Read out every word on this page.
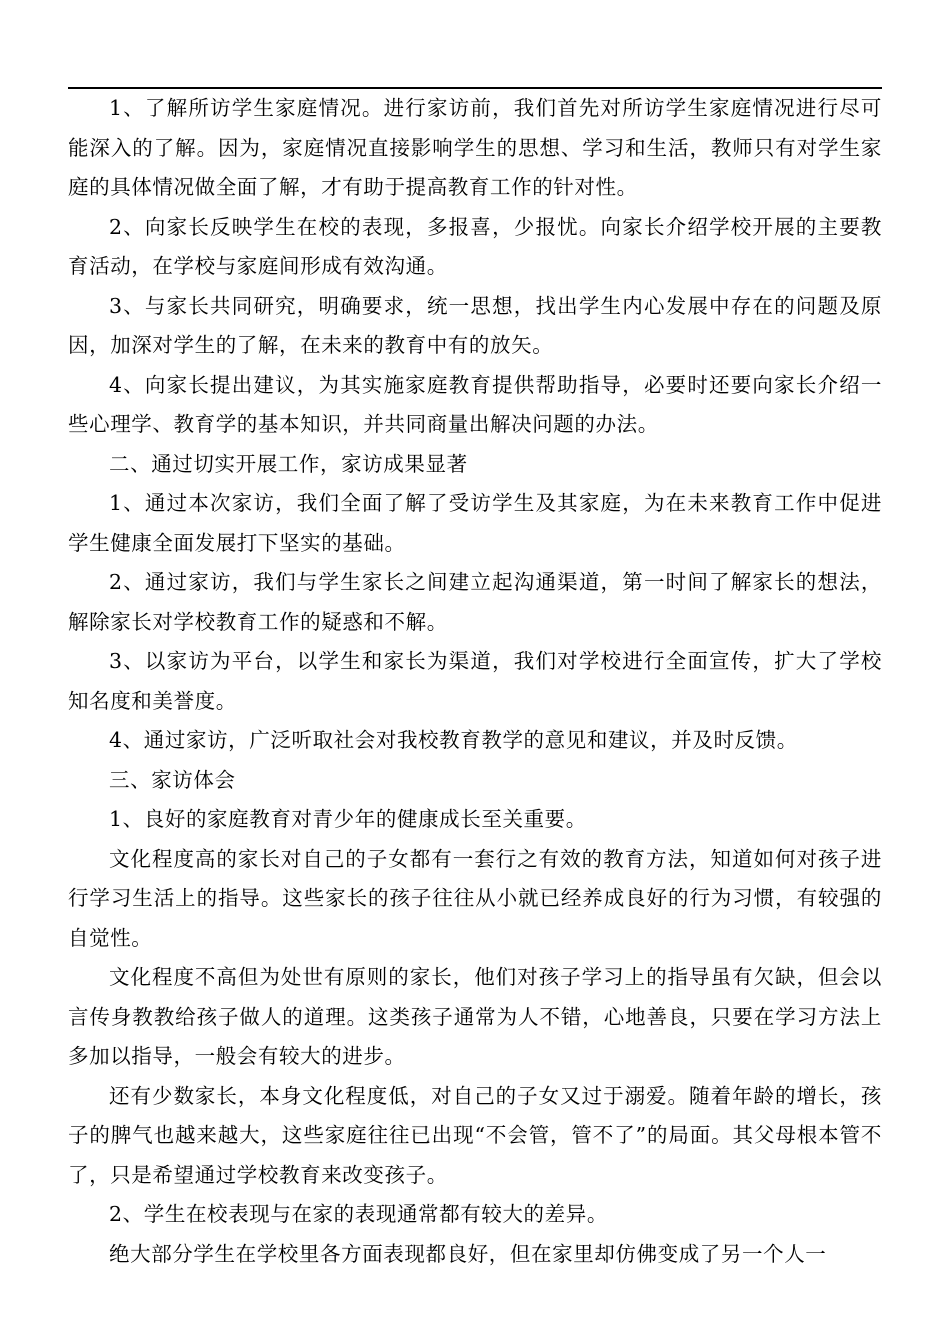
1、了解所访学生家庭情况。进行家访前，我们首先对所访学生家庭情况进行尽可能深入的了解。因为，家庭情况直接影响学生的思想、学习和生活，教师只有对学生家庭的具体情况做全面了解，才有助于提高教育工作的针对性。

2、向家长反映学生在校的表现，多报喜，少报忧。向家长介绍学校开展的主要教育活动，在学校与家庭间形成有效沟通。

3、与家长共同研究，明确要求，统一思想，找出学生内心发展中存在的问题及原因，加深对学生的了解，在未来的教育中有的放矢。

4、向家长提出建议，为其实施家庭教育提供帮助指导，必要时还要向家长介绍一些心理学、教育学的基本知识，并共同商量出解决问题的办法。

二、通过切实开展工作，家访成果显著

1、通过本次家访，我们全面了解了受访学生及其家庭，为在未来教育工作中促进学生健康全面发展打下坚实的基础。

2、通过家访，我们与学生家长之间建立起沟通渠道，第一时间了解家长的想法，解除家长对学校教育工作的疑惑和不解。

3、以家访为平台，以学生和家长为渠道，我们对学校进行全面宣传，扩大了学校知名度和美誉度。

4、通过家访，广泛听取社会对我校教育教学的意见和建议，并及时反馈。

三、家访体会

1、良好的家庭教育对青少年的健康成长至关重要。

文化程度高的家长对自己的子女都有一套行之有效的教育方法，知道如何对孩子进行学习生活上的指导。这些家长的孩子往往从小就已经养成良好的行为习惯，有较强的自觉性。

文化程度不高但为处世有原则的家长，他们对孩子学习上的指导虽有欠缺，但会以言传身教教给孩子做人的道理。这类孩子通常为人不错，心地善良，只要在学习方法上多加以指导，一般会有较大的进步。

还有少数家长，本身文化程度低，对自己的子女又过于溺爱。随着年龄的增长，孩子的脾气也越来越大，这些家庭往往已出现“不会管，管不了”的局面。其父母根本管不了，只是希望通过学校教育来改变孩子。

2、学生在校表现与在家的表现通常都有较大的差异。

绝大部分学生在学校里各方面表现都良好，但在家里却仿佛变成了另一个人一
